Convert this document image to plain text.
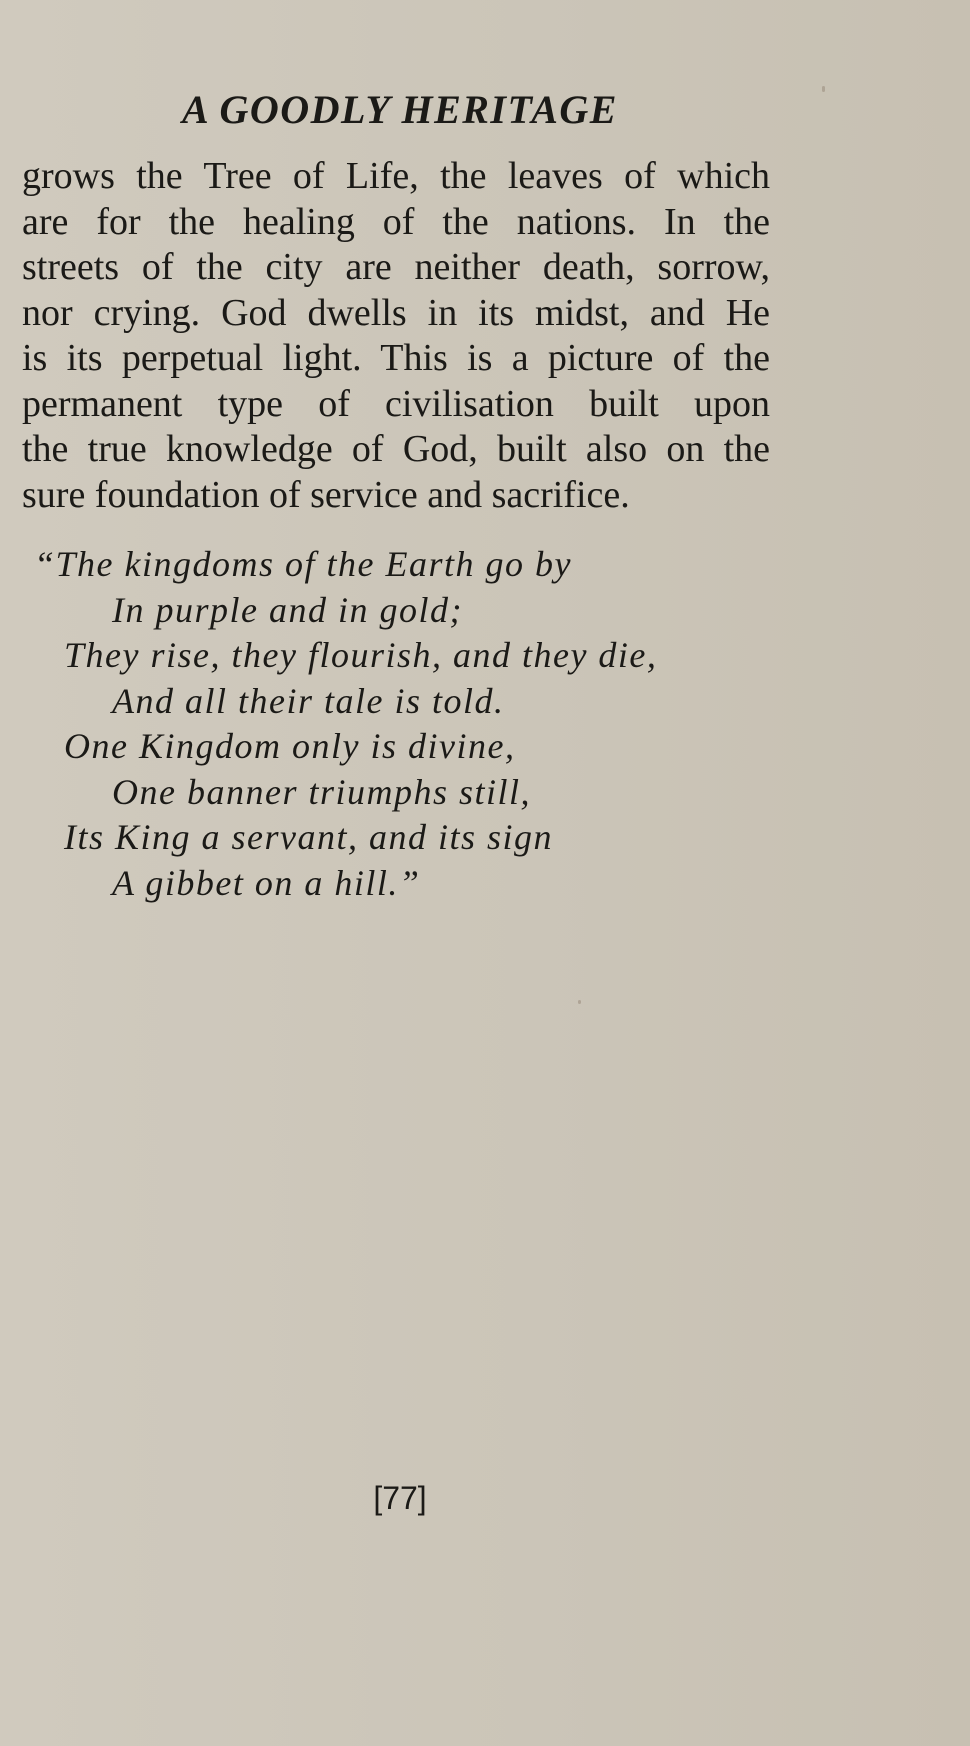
A GOODLY HERITAGE
grows the Tree of Life, the leaves of which
are for the healing of the nations. In the
streets of the city are neither death, sorrow,
nor crying. God dwells in its midst, and He
is its perpetual light. This is a picture of the
permanent type of civilisation built upon
the true knowledge of God, built also on the
sure foundation of service and sacrifice.
“The kingdoms of the Earth go by
In purple and in gold;
They rise, they flourish, and they die,
And all their tale is told.
One Kingdom only is divine,
One banner triumphs still,
Its King a servant, and its sign
A gibbet on a hill.”
[77]
